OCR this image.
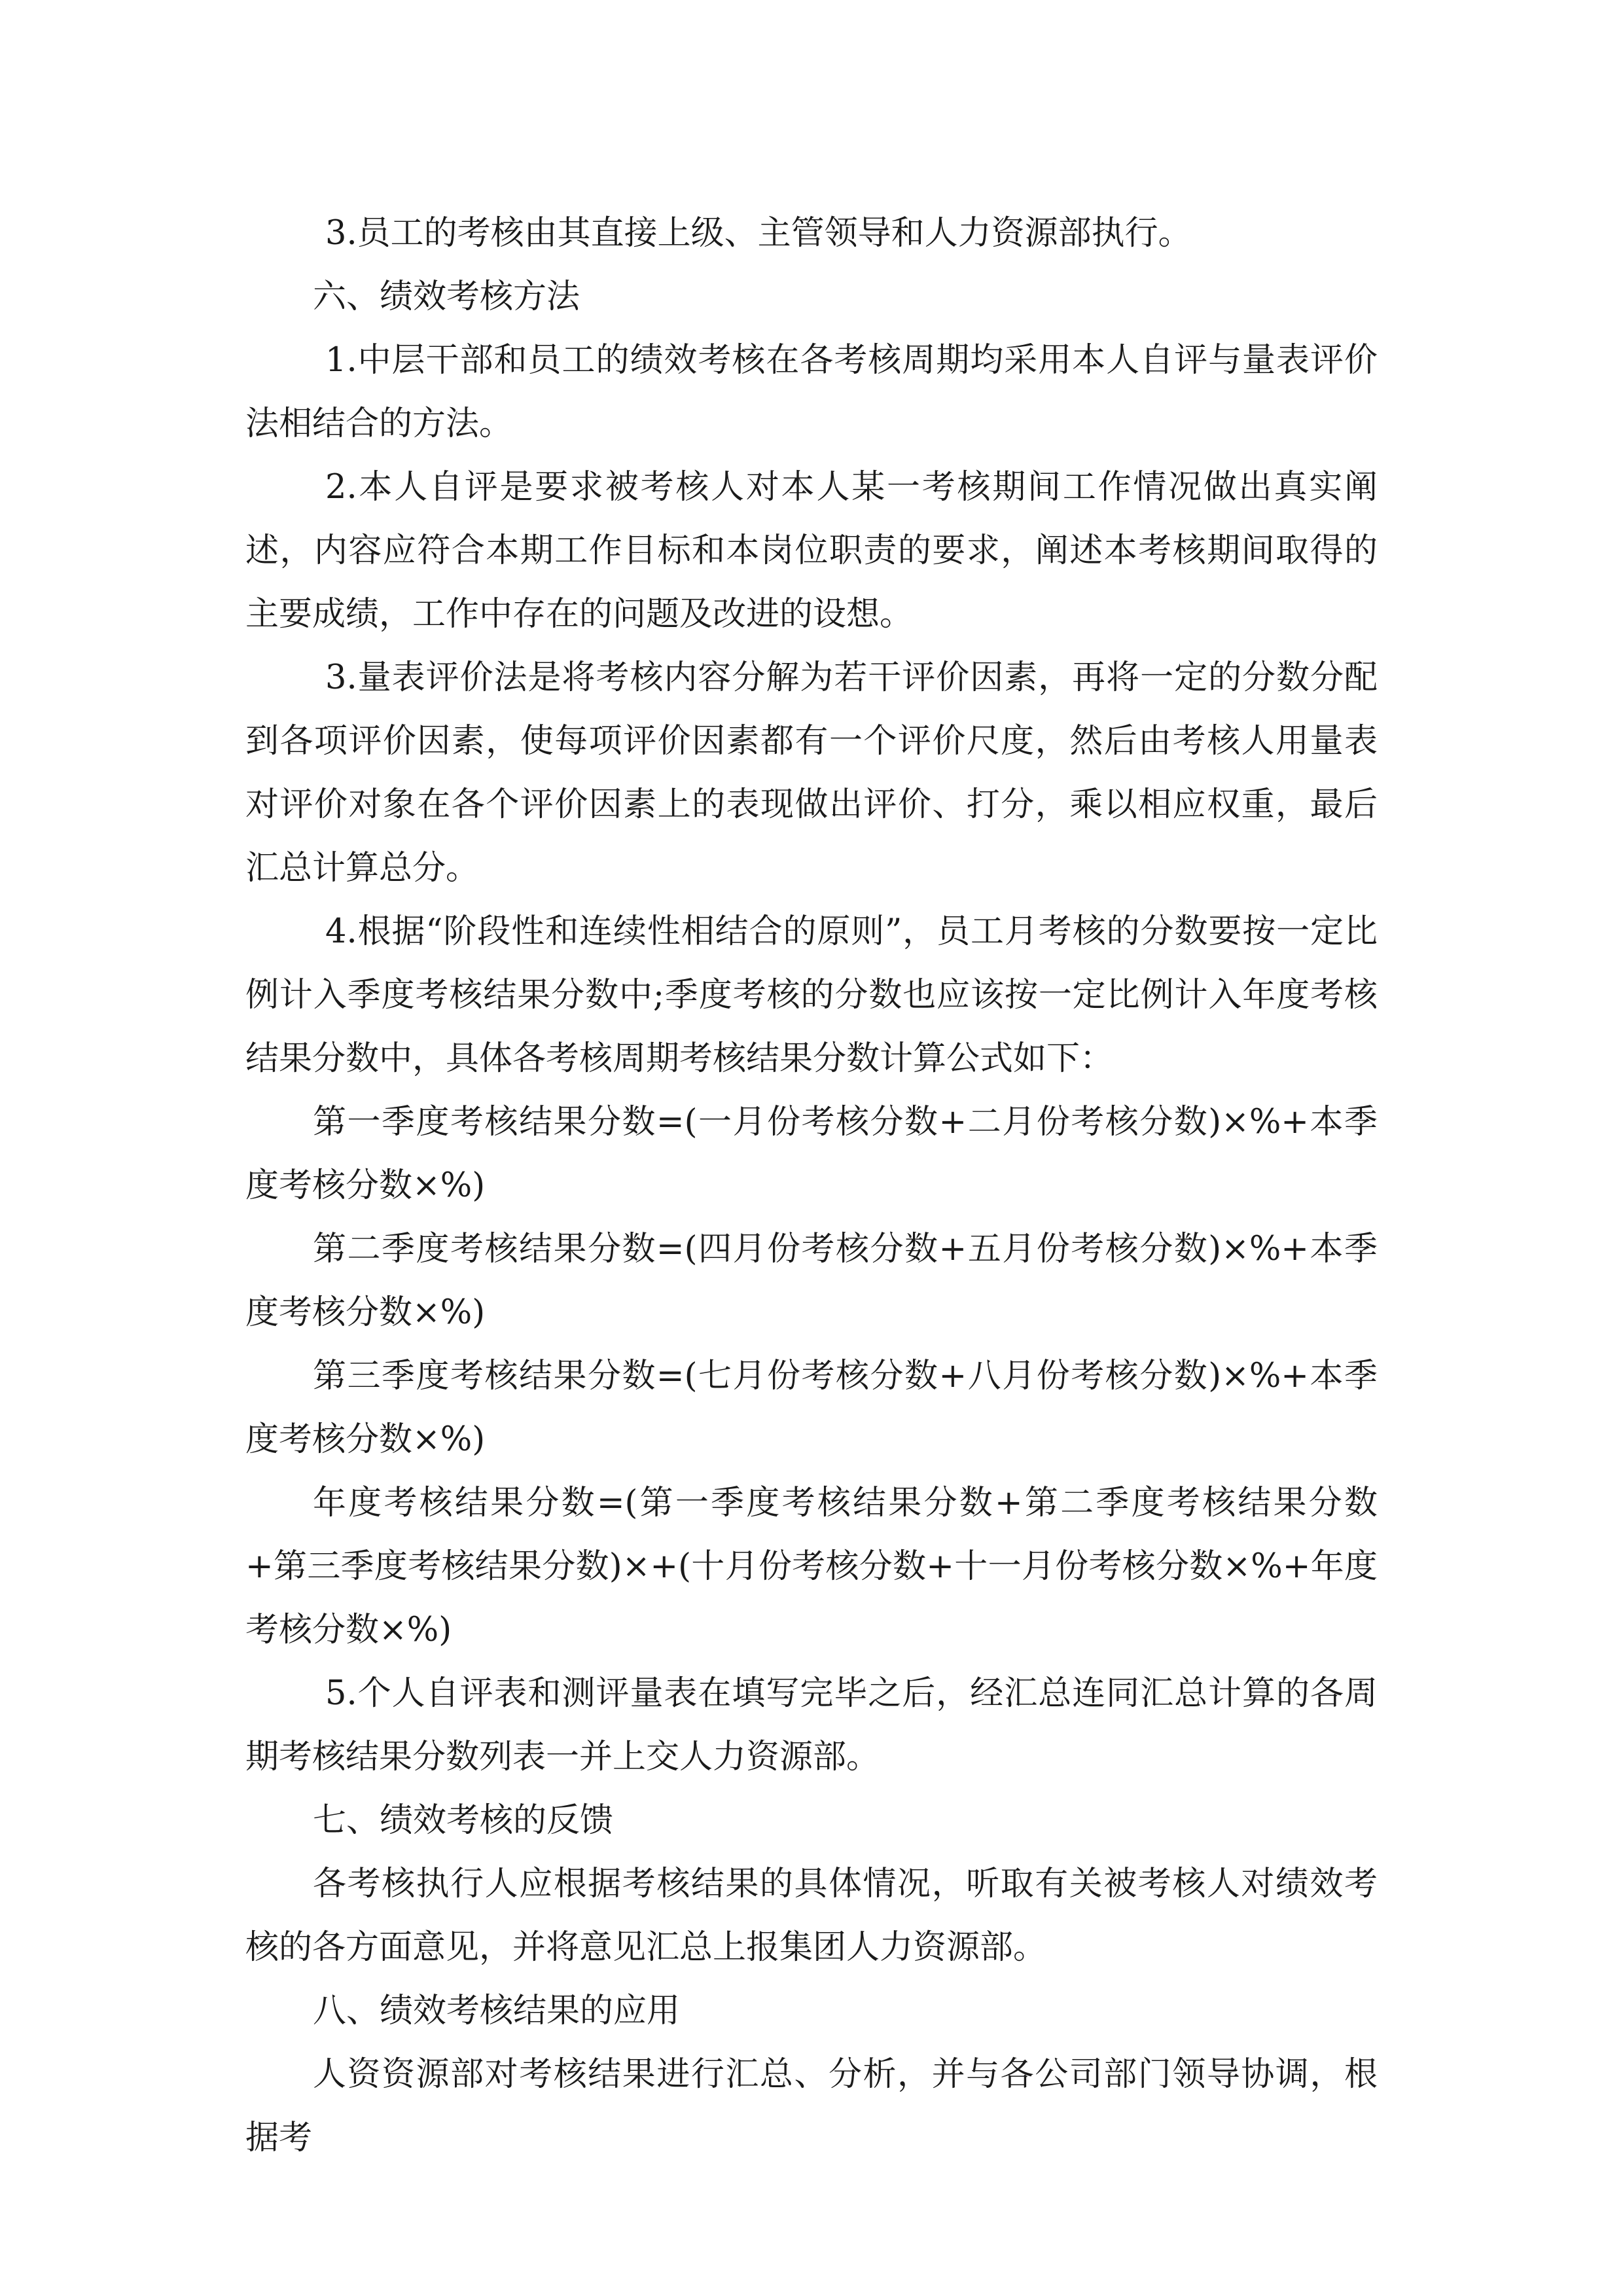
3.员工的考核由其直接上级、主管领导和人力资源部执行。

六、绩效考核方法

1.中层干部和员工的绩效考核在各考核周期均采用本人自评与量表评价法相结合的方法。

2.本人自评是要求被考核人对本人某一考核期间工作情况做出真实阐述，内容应符合本期工作目标和本岗位职责的要求，阐述本考核期间取得的主要成绩，工作中存在的问题及改进的设想。

3.量表评价法是将考核内容分解为若干评价因素，再将一定的分数分配到各项评价因素，使每项评价因素都有一个评价尺度，然后由考核人用量表对评价对象在各个评价因素上的表现做出评价、打分，乘以相应权重，最后汇总计算总分。

4.根据“阶段性和连续性相结合的原则”，员工月考核的分数要按一定比例计入季度考核结果分数中;季度考核的分数也应该按一定比例计入年度考核结果分数中，具体各考核周期考核结果分数计算公式如下：

第一季度考核结果分数=(一月份考核分数+二月份考核分数)×%+本季度考核分数×%)

第二季度考核结果分数=(四月份考核分数+五月份考核分数)×%+本季度考核分数×%)

第三季度考核结果分数=(七月份考核分数+八月份考核分数)×%+本季度考核分数×%)

年度考核结果分数=(第一季度考核结果分数+第二季度考核结果分数+第三季度考核结果分数)×+(十月份考核分数+十一月份考核分数×%+年度考核分数×%)

5.个人自评表和测评量表在填写完毕之后，经汇总连同汇总计算的各周期考核结果分数列表一并上交人力资源部。

七、绩效考核的反馈

各考核执行人应根据考核结果的具体情况，听取有关被考核人对绩效考核的各方面意见，并将意见汇总上报集团人力资源部。

八、绩效考核结果的应用

人资资源部对考核结果进行汇总、分析，并与各公司部门领导协调，根据考
